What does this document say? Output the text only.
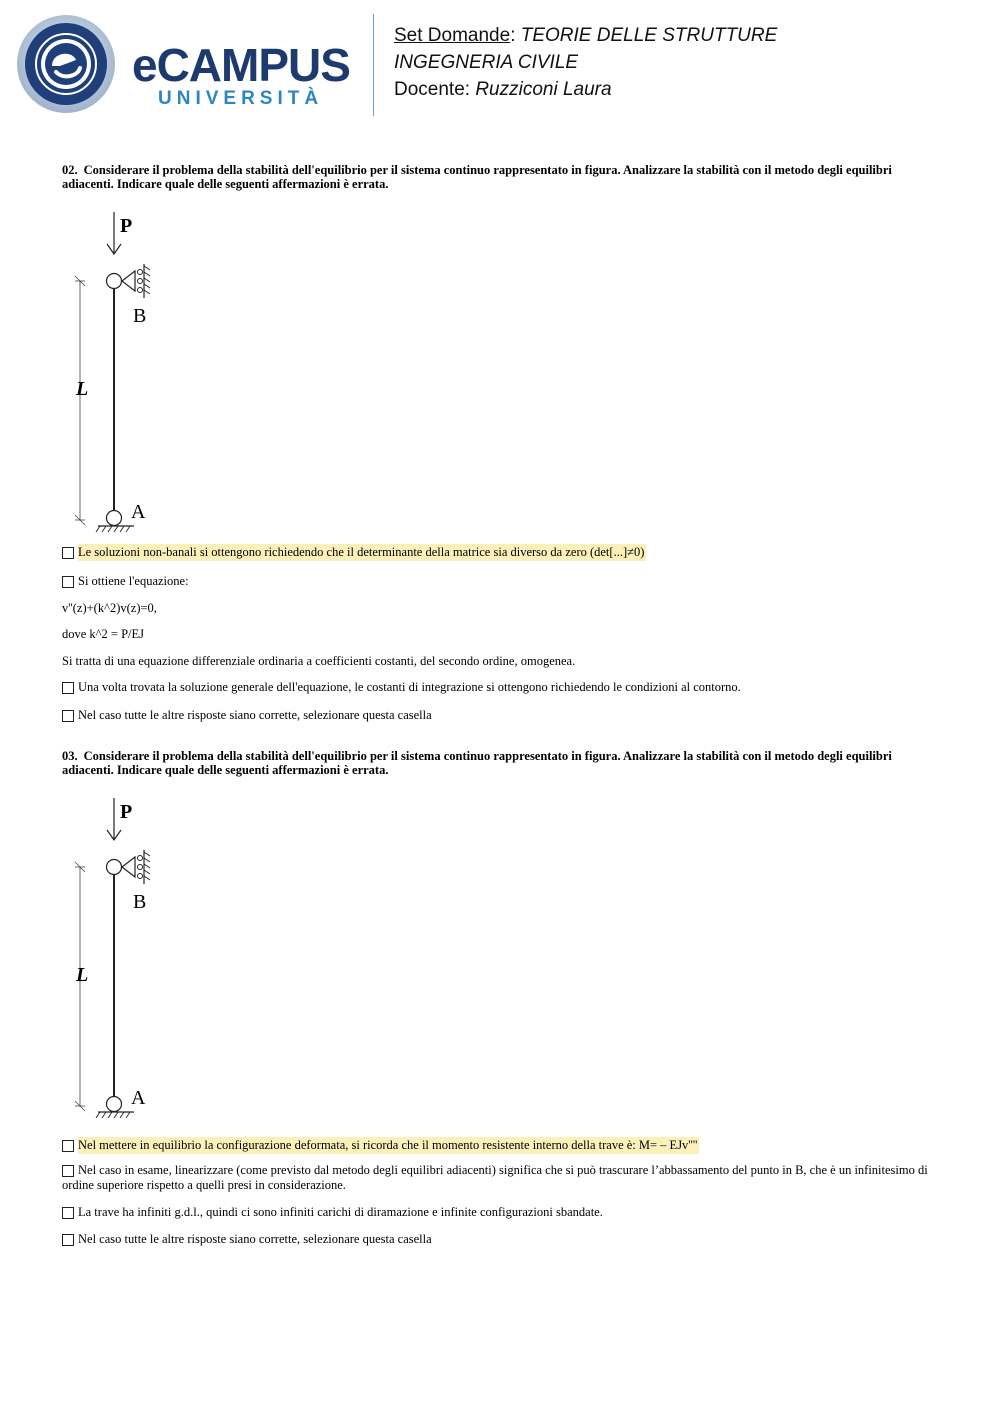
eCAMPUS
UNIVERSITÀ
Set Domande: TEORIE DELLE STRUTTURE
INGEGNERIA CIVILE
Docente: Ruzziconi Laura

02. Considerare il problema della stabilità dell'equilibrio per il sistema continuo rappresentato in figura. Analizzare la stabilità con il metodo degli equilibri adiacenti. Indicare quale delle seguenti affermazioni è errata.

P
B
L
A
Le soluzioni non-banali si ottengono richiedendo che il determinante della matrice sia diverso da zero (det[...]≠0)
Si ottiene l'equazione:
v''(z)+(k^2)v(z)=0,
dove k^2 = P/EJ
Si tratta di una equazione differenziale ordinaria a coefficienti costanti, del secondo ordine, omogenea.
Una volta trovata la soluzione generale dell'equazione, le costanti di integrazione si ottengono richiedendo le condizioni al contorno.
Nel caso tutte le altre risposte siano corrette, selezionare questa casella

03. Considerare il problema della stabilità dell'equilibrio per il sistema continuo rappresentato in figura. Analizzare la stabilità con il metodo degli equilibri adiacenti. Indicare quale delle seguenti affermazioni è errata.

P
B
L
A
Nel mettere in equilibrio la configurazione deformata, si ricorda che il momento resistente interno della trave è: M= – EJv''''
Nel caso in esame, linearizzare (come previsto dal metodo degli equilibri adiacenti) significa che si può trascurare l’abbassamento del punto in B, che è un infinitesimo di ordine superiore rispetto a quelli presi in considerazione.
La trave ha infiniti g.d.l., quindi ci sono infiniti carichi di diramazione e infinite configurazioni sbandate.
Nel caso tutte le altre risposte siano corrette, selezionare questa casella
